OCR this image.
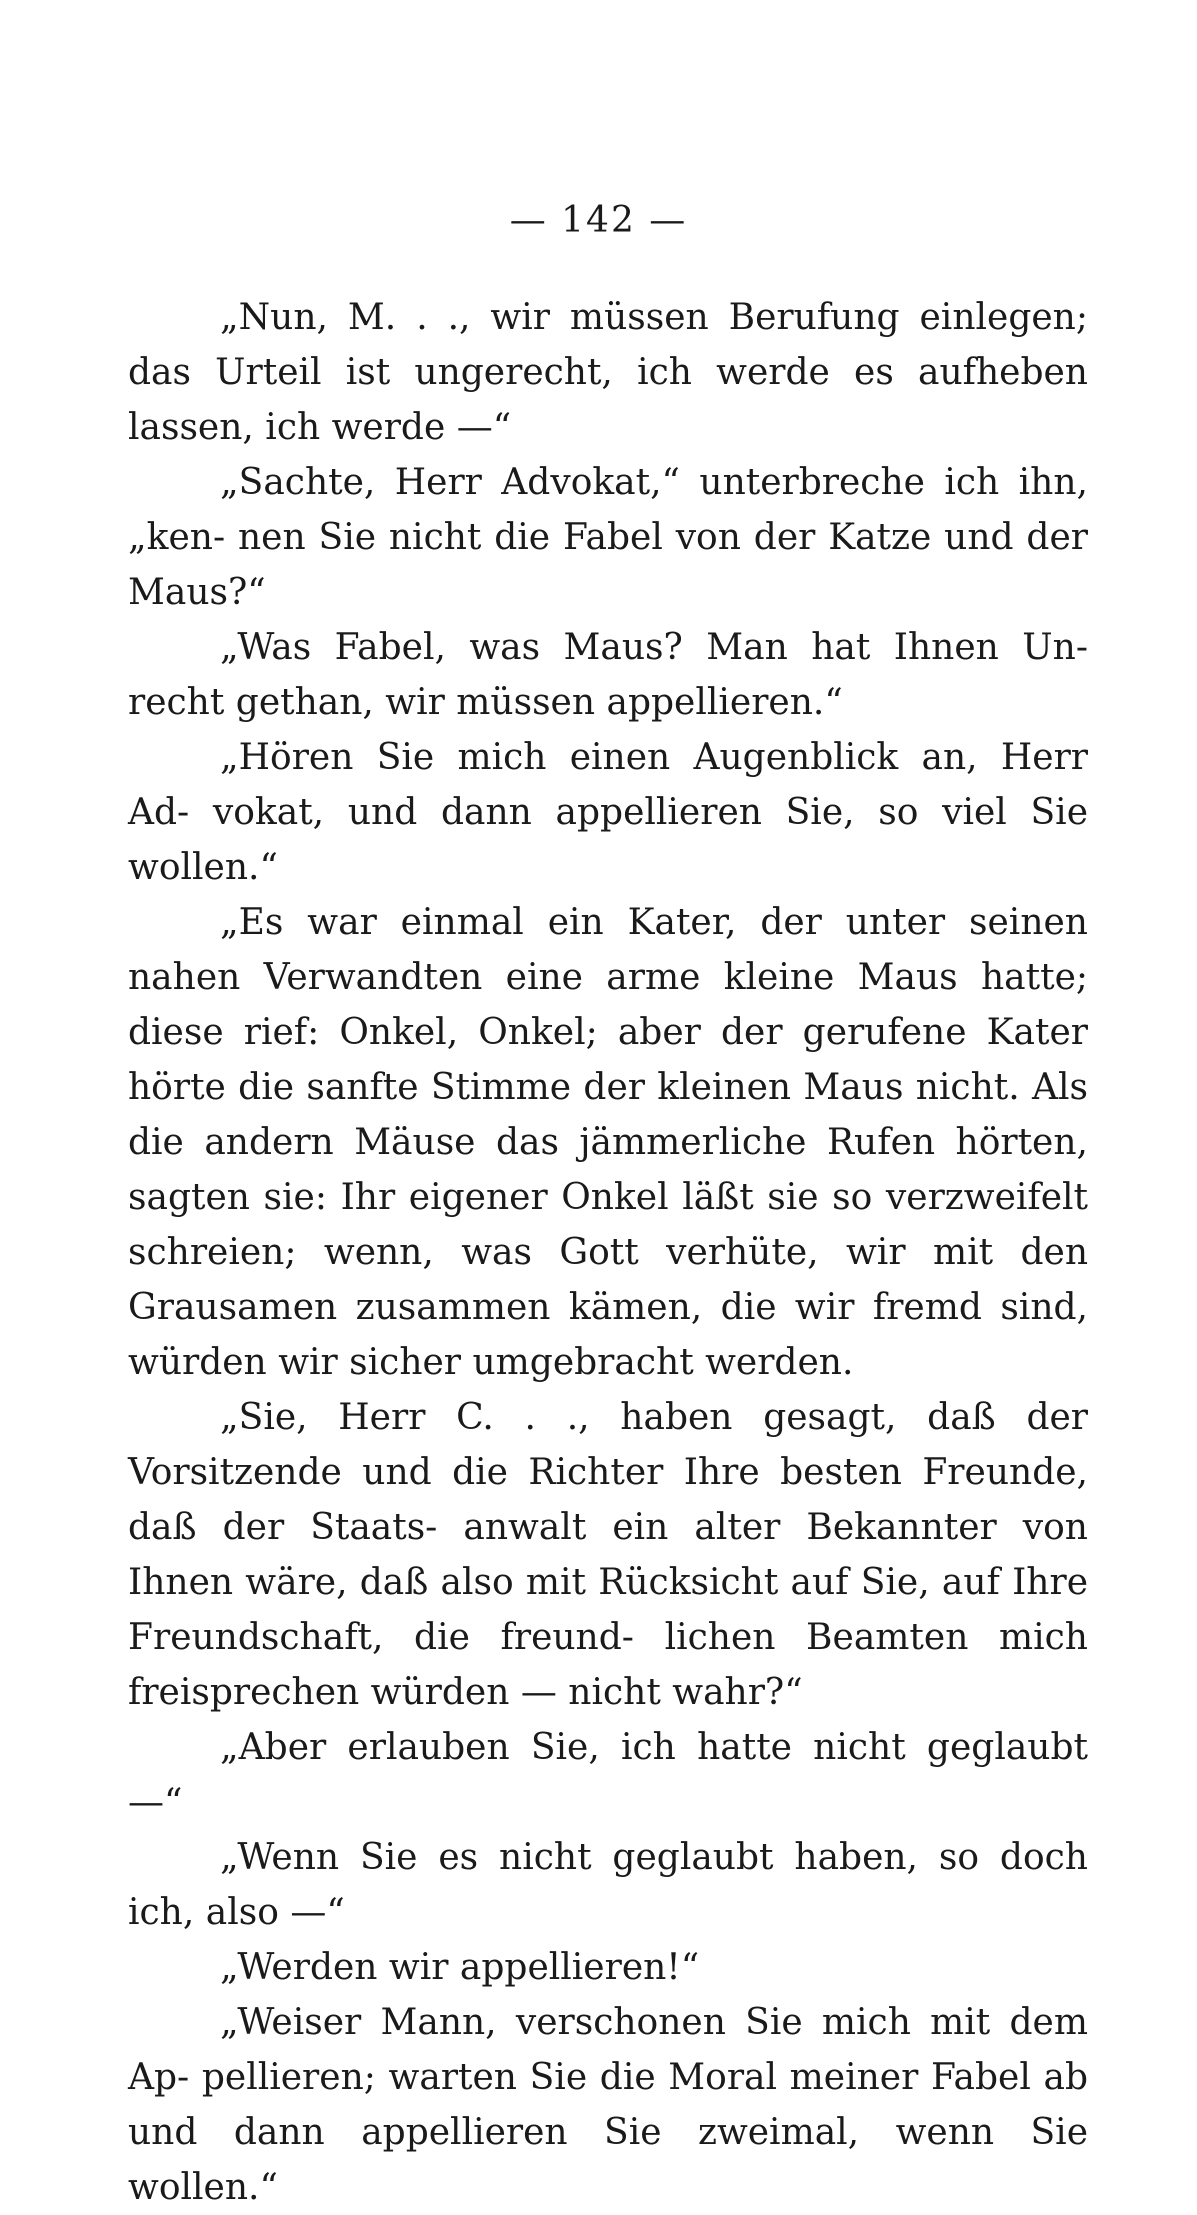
— 142 —

„Nun, M. . ., wir müssen Berufung einlegen; das Urteil ist ungerecht, ich werde es aufheben lassen, ich werde —“

„Sachte, Herr Advokat,“ unterbreche ich ihn, „ken- nen Sie nicht die Fabel von der Katze und der Maus?“

„Was Fabel, was Maus? Man hat Ihnen Un- recht gethan, wir müssen appellieren.“

„Hören Sie mich einen Augenblick an, Herr Ad- vokat, und dann appellieren Sie, so viel Sie wollen.“

„Es war einmal ein Kater, der unter seinen nahen Verwandten eine arme kleine Maus hatte; diese rief: Onkel, Onkel; aber der gerufene Kater hörte die sanfte Stimme der kleinen Maus nicht. Als die andern Mäuse das jämmerliche Rufen hörten, sagten sie: Ihr eigener Onkel läßt sie so verzweifelt schreien; wenn, was Gott verhüte, wir mit den Grausamen zusammen kämen, die wir fremd sind, würden wir sicher umgebracht werden.

„Sie, Herr C. . ., haben gesagt, daß der Vorsitzende und die Richter Ihre besten Freunde, daß der Staats- anwalt ein alter Bekannter von Ihnen wäre, daß also mit Rücksicht auf Sie, auf Ihre Freundschaft, die freund- lichen Beamten mich freisprechen würden — nicht wahr?“

„Aber erlauben Sie, ich hatte nicht geglaubt —“

„Wenn Sie es nicht geglaubt haben, so doch ich, also —“

„Werden wir appellieren!“

„Weiser Mann, verschonen Sie mich mit dem Ap- pellieren; warten Sie die Moral meiner Fabel ab und dann appellieren Sie zweimal, wenn Sie wollen.“
